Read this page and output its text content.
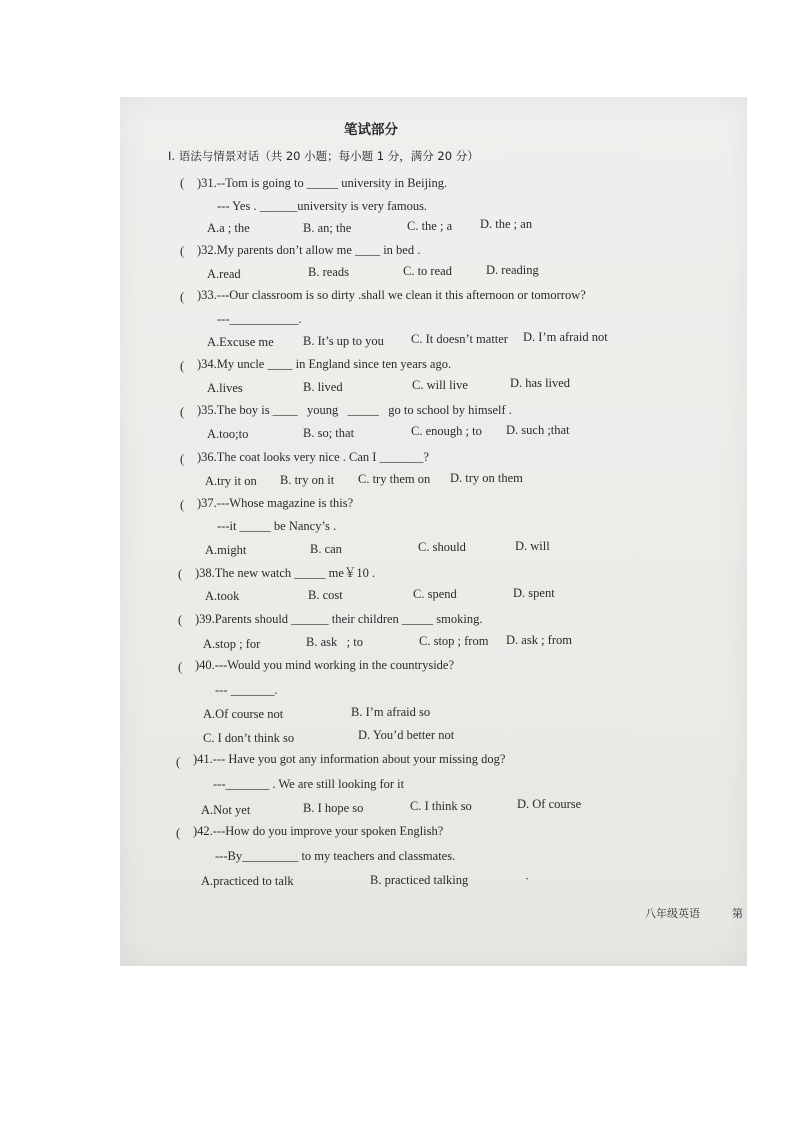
笔试部分
Ⅰ. 语法与情景对话（共 20 小题；每小题 1 分，满分 20 分）
( )31.--Tom is going to _____ university in Beijing.
--- Yes . ______university is very famous.
A.a ; the	B. an; the	C. the ; a D. the ; an
( )32.My parents don’t allow me ____ in bed .
A.read	B. reads	C. to read	D. reading
( )33.---Our classroom is so dirty .shall we clean it this afternoon or tomorrow?
---___________.
A.Excuse me B. It’s up to you C. It doesn’t matter D. I’m afraid not
( )34.My uncle ____ in England since ten years ago.
A.lives	B. lived	C. will live	D. has lived
( )35.The boy is ____   young   _____   go to school by himself .
A.too;to	B. so; that	C. enough ; to D. such ;that
( )36.The coat looks very nice . Can I _______?
A.try it on B. try on it C. try them on D. try on them
( )37.---Whose magazine is this?
---it _____ be Nancy’s .
A.might	B. can	C. should	D. will
( )38.The new watch _____ me￥10 .
A.took	B. cost	C. spend	D. spent
( )39.Parents should ______ their children _____ smoking.
A.stop ; for	B. ask   ; to	C. stop ; from D. ask ; from
( )40.---Would you mind working in the countryside?
--- _______.
A.Of course not	B. I’m afraid so
C. I don’t think so	D. You’d better not
( )41.--- Have you got any information about your missing dog?
---_______ . We are still looking for it
A.Not yet	B. I hope so	C. I think so	D. Of course
( )42.---How do you improve your spoken English?
---By_________ to my teachers and classmates.
A.practiced to talk	B. practiced talking	·
八年级英语	第
